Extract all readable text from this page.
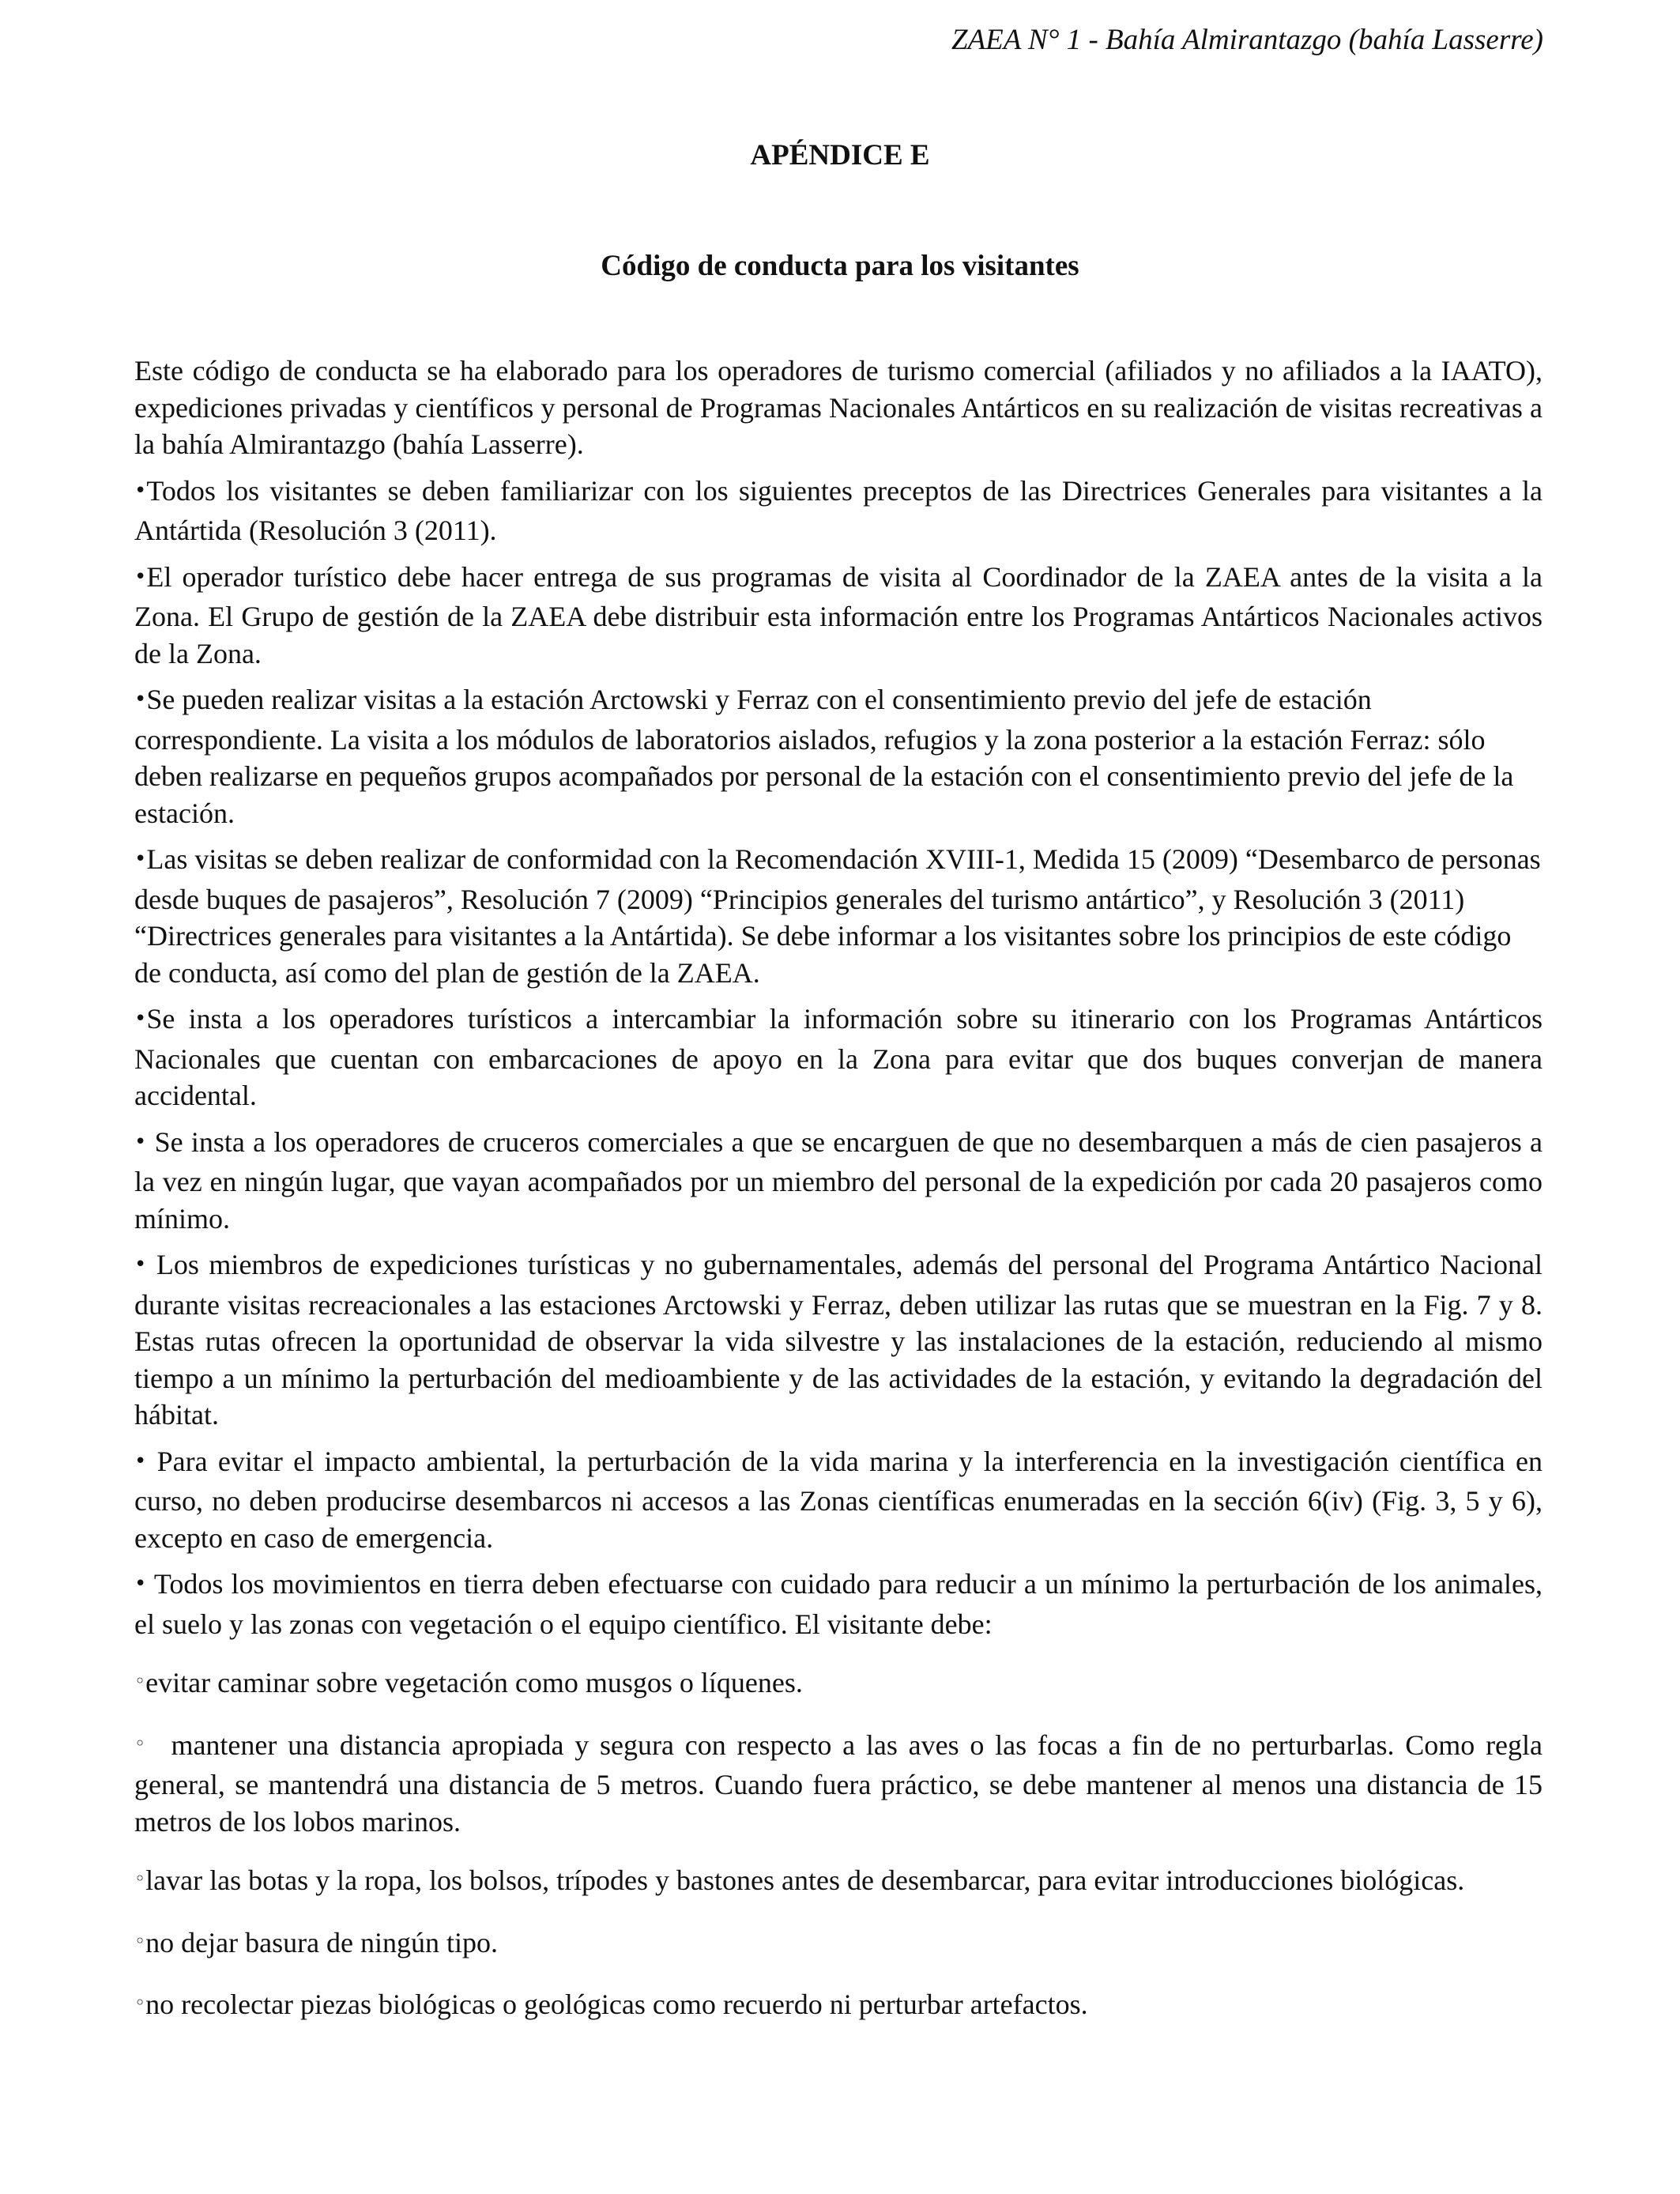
ZAEA N° 1 - Bahía Almirantazgo (bahía Lasserre)
APÉNDICE E
Código de conducta para los visitantes

Este código de conducta se ha elaborado para los operadores de turismo comercial (afiliados y no afiliados a la IAATO), expediciones privadas y científicos y personal de Programas Nacionales Antárticos en su realización de visitas recreativas a la bahía Almirantazgo (bahía Lasserre).

•Todos los visitantes se deben familiarizar con los siguientes preceptos de las Directrices Generales para visitantes a la Antártida (Resolución 3 (2011).

•El operador turístico debe hacer entrega de sus programas de visita al Coordinador de la ZAEA antes de la visita a la Zona. El Grupo de gestión de la ZAEA debe distribuir esta información entre los Programas Antárticos Nacionales activos de la Zona.

•Se pueden realizar visitas a la estación Arctowski y Ferraz con el consentimiento previo del jefe de estación correspondiente. La visita a los módulos de laboratorios aislados, refugios y la zona posterior a la estación Ferraz: sólo deben realizarse en pequeños grupos acompañados por personal de la estación con el consentimiento previo del jefe de la estación.

•Las visitas se deben realizar de conformidad con la Recomendación XVIII-1, Medida 15 (2009) “Desembarco de personas desde buques de pasajeros”, Resolución 7 (2009) “Principios generales del turismo antártico”, y Resolución 3 (2011) “Directrices generales para visitantes a la Antártida). Se debe informar a los visitantes sobre los principios de este código de conducta, así como del plan de gestión de la ZAEA.

•Se insta a los operadores turísticos a intercambiar la información sobre su itinerario con los Programas Antárticos Nacionales que cuentan con embarcaciones de apoyo en la Zona para evitar que dos buques converjan de manera accidental.

• Se insta a los operadores de cruceros comerciales a que se encarguen de que no desembarquen a más de cien pasajeros a la vez en ningún lugar, que vayan acompañados por un miembro del personal de la expedición por cada 20 pasajeros como mínimo.

• Los miembros de expediciones turísticas y no gubernamentales, además del personal del Programa Antártico Nacional durante visitas recreacionales a las estaciones Arctowski y Ferraz, deben utilizar las rutas que se muestran en la Fig. 7 y 8. Estas rutas ofrecen la oportunidad de observar la vida silvestre y las instalaciones de la estación, reduciendo al mismo tiempo a un mínimo la perturbación del medioambiente y de las actividades de la estación, y evitando la degradación del hábitat.

• Para evitar el impacto ambiental, la perturbación de la vida marina y la interferencia en la investigación científica en curso, no deben producirse desembarcos ni accesos a las Zonas científicas enumeradas en la sección 6(iv) (Fig. 3, 5 y 6), excepto en caso de emergencia.

• Todos los movimientos en tierra deben efectuarse con cuidado para reducir a un mínimo la perturbación de los animales, el suelo y las zonas con vegetación o el equipo científico. El visitante debe:

◦evitar caminar sobre vegetación como musgos o líquenes.

◦ mantener una distancia apropiada y segura con respecto a las aves o las focas a fin de no perturbarlas. Como regla general, se mantendrá una distancia de 5 metros. Cuando fuera práctico, se debe mantener al menos una distancia de 15 metros de los lobos marinos.

◦lavar las botas y la ropa, los bolsos, trípodes y bastones antes de desembarcar, para evitar introducciones biológicas.

◦no dejar basura de ningún tipo.

◦no recolectar piezas biológicas o geológicas como recuerdo ni perturbar artefactos.
